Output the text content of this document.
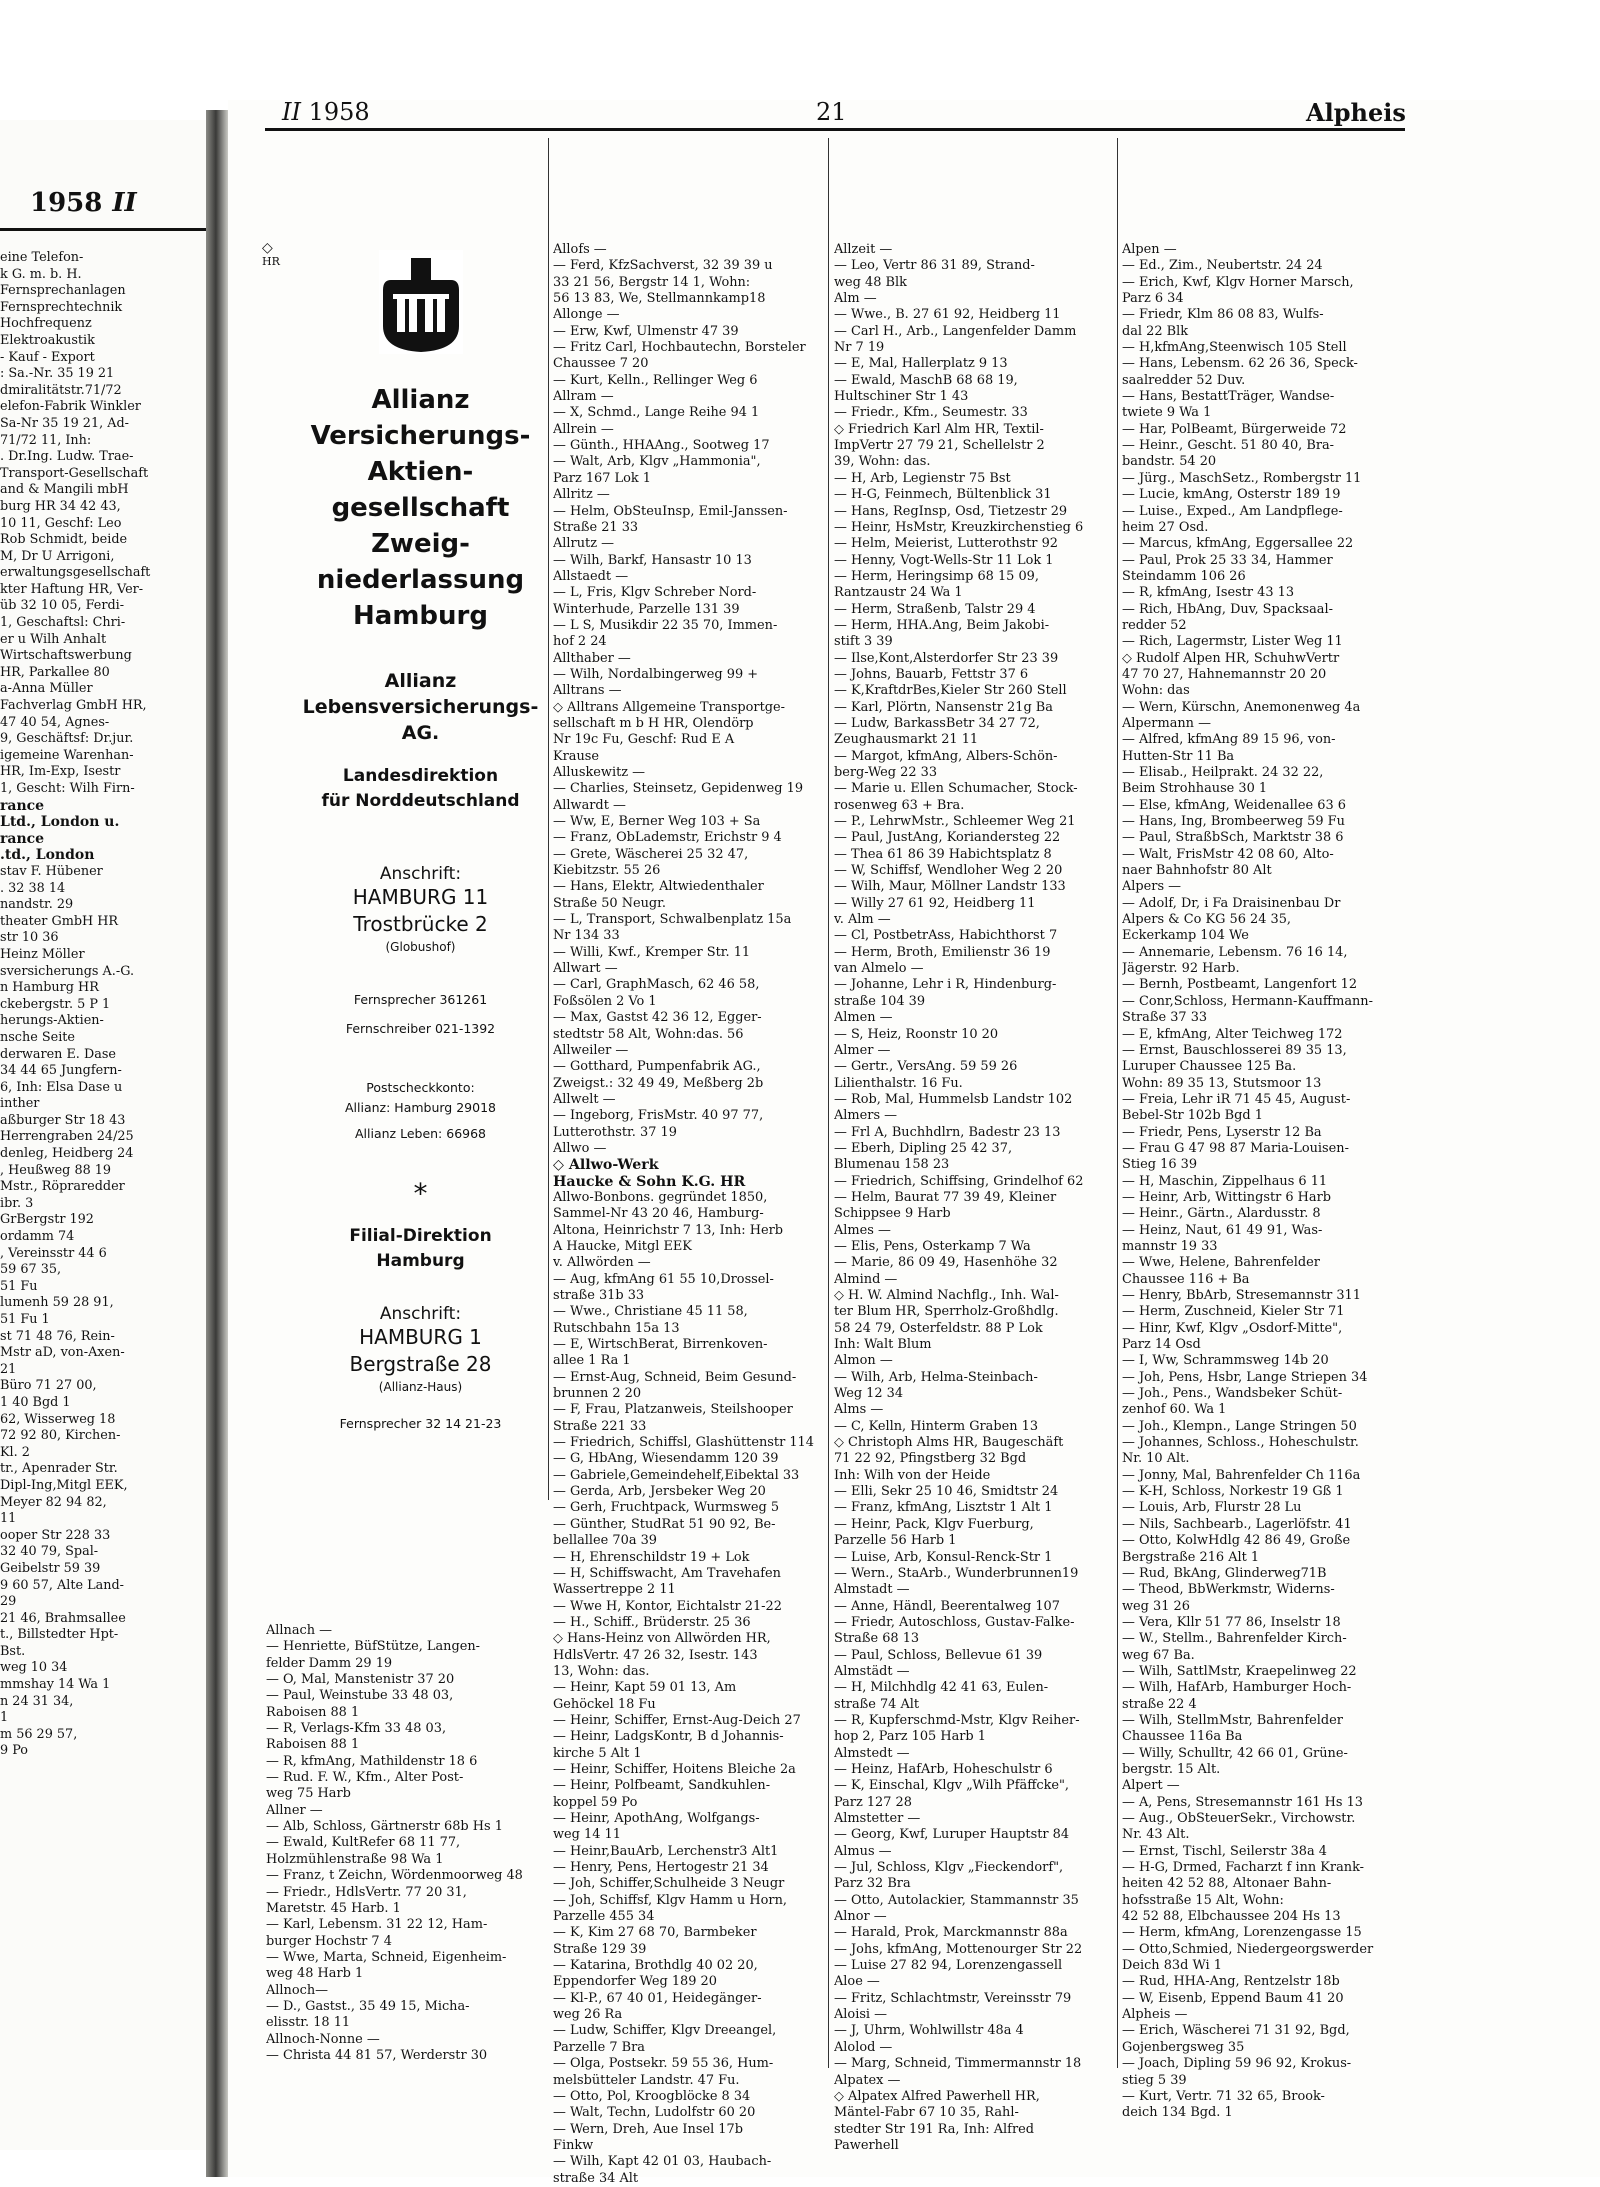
1958 II
eine Telefon-
k G. m. b. H.
Fernsprechanlagen
Fernsprechtechnik
Hochfrequenz
Elektroakustik
- Kauf - Export
: Sa.-Nr. 35 19 21
dmiralitätstr.71/72
elefon-Fabrik Winkler
Sa-Nr 35 19 21, Ad-
71/72 11, Inh:
. Dr.Ing. Ludw. Trae-
Transport-Gesellschaft
and & Mangili mbH
burg HR 34 42 43,
10 11, Geschf: Leo
Rob Schmidt, beide
M, Dr U Arrigoni,
erwaltungsgesellschaft
kter Haftung HR, Ver-
üb 32 10 05, Ferdi-
1, Geschaftsl: Chri-
er u Wilh Anhalt
Wirtschaftswerbung
HR, Parkallee 80
a-Anna Müller
Fachverlag GmbH HR,
47 40 54, Agnes-
9, Geschäftsf: Dr.jur.
igemeine Warenhan-
HR, Im-Exp, Isestr
1, Gescht: Wilh Firn-
rance
Ltd., London u.
rance
.td., London
stav F. Hübener
. 32 38 14
nandstr. 29
theater GmbH HR
str 10 36
Heinz Möller
sversicherungs A.-G.
n Hamburg HR
ckebergstr. 5 P 1
herungs-Aktien-
nsche Seite
derwaren E. Dase
34 44 65 Jungfern-
6, Inh: Elsa Dase u
inther
aßburger Str 18 43
Herrengraben 24/25
denleg, Heidberg 24
, Heußweg 88 19
Mstr., Röpraredder
ibr. 3
GrBergstr 192
ordamm 74
, Vereinsstr 44 6
59 67 35,
51 Fu
lumenh 59 28 91,
51 Fu 1
st 71 48 76, Rein-
Mstr aD, von-Axen-
21
Büro 71 27 00,
1 40 Bgd 1
62, Wisserweg 18
72 92 80, Kirchen-
Kl. 2
tr., Apenrader Str.
Dipl-Ing,Mitgl EEK,
Meyer 82 94 82,
11
ooper Str 228 33
32 40 79, Spal-
Geibelstr 59 39
9 60 57, Alte Land-
29
21 46, Brahmsallee
t., Billstedter Hpt-
Bst.
weg 10 34
mmshay 14 Wa 1
n 24 31 34,
1
m 56 29 57,
9 Po
II 1958	21	Alpheis
◇
HR
Allianz
Versicherungs-
Aktien-
gesellschaft
Zweig-
niederlassung
Hamburg
Allianz
Lebensversicherungs-
AG.
Landesdirektion
für Norddeutschland
Anschrift:
HAMBURG 11
Trostbrücke 2
(Globushof)
Fernsprecher 361261
Fernschreiber 021-1392
Postscheckkonto:
Allianz: Hamburg 29018
Allianz Leben: 66968
*
Filial-Direktion
Hamburg
Anschrift:
HAMBURG 1
Bergstraße 28
(Allianz-Haus)
Fernsprecher 32 14 21-23
Allnach —
— Henriette, BüfStütze, Langen-
felder Damm 29 19
— O, Mal, Manstenistr 37 20
— Paul, Weinstube 33 48 03,
Raboisen 88 1
— R, Verlags-Kfm 33 48 03,
Raboisen 88 1
— R, kfmAng, Mathildenstr 18 6
— Rud. F. W., Kfm., Alter Post-
weg 75 Harb
Allner —
— Alb, Schloss, Gärtnerstr 68b Hs 1
— Ewald, KultRefer 68 11 77,
Holzmühlenstraße 98 Wa 1
— Franz, t Zeichn, Wördenmoorweg 48
— Friedr., HdlsVertr. 77 20 31,
Maretstr. 45 Harb. 1
— Karl, Lebensm. 31 22 12, Ham-
burger Hochstr 7 4
— Wwe, Marta, Schneid, Eigenheim-
weg 48 Harb 1
Allnoch—
— D., Gastst., 35 49 15, Micha-
elisstr. 18 11
Allnoch-Nonne —
— Christa 44 81 57, Werderstr 30
Allofs —
— Ferd, KfzSachverst, 32 39 39 u
33 21 56, Bergstr 14 1, Wohn:
56 13 83, We, Stellmannkamp18
Allonge —
— Erw, Kwf, Ulmenstr 47 39
— Fritz Carl, Hochbautechn, Borsteler
Chaussee 7 20
— Kurt, Kelln., Rellinger Weg 6
Allram —
— X, Schmd., Lange Reihe 94 1
Allrein —
— Günth., HHAAng., Sootweg 17
— Walt, Arb, Klgv „Hammonia",
Parz 167 Lok 1
Allritz —
— Helm, ObSteuInsp, Emil-Janssen-
Straße 21 33
Allrutz —
— Wilh, Barkf, Hansastr 10 13
Allstaedt —
— L, Fris, Klgv Schreber Nord-
Winterhude, Parzelle 131 39
— L S, Musikdir 22 35 70, Immen-
hof 2 24
Allthaber —
— Wilh, Nordalbingerweg 99 +
Alltrans —
◇ Alltrans Allgemeine Transportge-
sellschaft m b H HR, Olendörp
Nr 19c Fu, Geschf: Rud E A
Krause
Alluskewitz —
— Charlies, Steinsetz, Gepidenweg 19
Allwardt —
— Ww, E, Berner Weg 103 + Sa
— Franz, ObLademstr, Erichstr 9 4
— Grete, Wäscherei 25 32 47,
Kiebitzstr. 55 26
— Hans, Elektr, Altwiedenthaler
Straße 50 Neugr.
— L, Transport, Schwalbenplatz 15a
Nr 134 33
— Willi, Kwf., Kremper Str. 11
Allwart —
— Carl, GraphMasch, 62 46 58,
Foßsölen 2 Vo 1
— Max, Gastst 42 36 12, Egger-
stedtstr 58 Alt, Wohn:das. 56
Allweiler —
— Gotthard, Pumpenfabrik AG.,
Zweigst.: 32 49 49, Meßberg 2b
Allwelt —
— Ingeborg, FrisMstr. 40 97 77,
Lutterothstr. 37 19
Allwo —
◇ Allwo-Werk
Haucke & Sohn K.G. HR
Allwo-Bonbons. gegründet 1850,
Sammel-Nr 43 20 46, Hamburg-
Altona, Heinrichstr 7 13, Inh: Herb
A Haucke, Mitgl EEK
v. Allwörden —
— Aug, kfmAng 61 55 10,Drossel-
straße 31b 33
— Wwe., Christiane 45 11 58,
Rutschbahn 15a 13
— E, WirtschBerat, Birrenkoven-
allee 1 Ra 1
— Ernst-Aug, Schneid, Beim Gesund-
brunnen 2 20
— F, Frau, Platzanweis, Steilshooper
Straße 221 33
— Friedrich, Schiffsl, Glashüttenstr 114
— G, HbAng, Wiesendamm 120 39
— Gabriele,Gemeindehelf,Eibektal 33
— Gerda, Arb, Jersbeker Weg 20
— Gerh, Fruchtpack, Wurmsweg 5
— Günther, StudRat 51 90 92, Be-
bellallee 70a 39
— H, Ehrenschildstr 19 + Lok
— H, Schiffswacht, Am Travehafen
Wassertreppe 2 11
— Wwe H, Kontor, Eichtalstr 21-22
— H., Schiff., Brüderstr. 25 36
◇ Hans-Heinz von Allwörden HR,
HdlsVertr. 47 26 32, Isestr. 143
13, Wohn: das.
— Heinr, Kapt 59 01 13, Am
Gehöckel 18 Fu
— Heinr, Schiffer, Ernst-Aug-Deich 27
— Heinr, LadgsKontr, B d Johannis-
kirche 5 Alt 1
— Heinr, Schiffer, Hoitens Bleiche 2a
— Heinr, Polfbeamt, Sandkuhlen-
koppel 59 Po
— Heinr, ApothAng, Wolfgangs-
weg 14 11
— Heinr,BauArb, Lerchenstr3 Alt1
— Henry, Pens, Hertogestr 21 34
— Joh, Schiffer,Schulheide 3 Neugr
— Joh, Schiffsf, Klgv Hamm u Horn,
Parzelle 455 34
— K, Kim 27 68 70, Barmbeker
Straße 129 39
— Katarina, Brothdlg 40 02 20,
Eppendorfer Weg 189 20
— Kl-P., 67 40 01, Heidegänger-
weg 26 Ra
— Ludw, Schiffer, Klgv Dreeangel,
Parzelle 7 Bra
— Olga, Postsekr. 59 55 36, Hum-
melsbütteler Landstr. 47 Fu.
— Otto, Pol, Kroogblöcke 8 34
— Walt, Techn, Ludolfstr 60 20
— Wern, Dreh, Aue Insel 17b
Finkw
— Wilh, Kapt 42 01 03, Haubach-
straße 34 Alt
Allzeit —
— Leo, Vertr 86 31 89, Strand-
weg 48 Blk
Alm —
— Wwe., B. 27 61 92, Heidberg 11
— Carl H., Arb., Langenfelder Damm
Nr 7 19
— E, Mal, Hallerplatz 9 13
— Ewald, MaschB 68 68 19,
Hultschiner Str 1 43
— Friedr., Kfm., Seumestr. 33
◇ Friedrich Karl Alm HR, Textil-
ImpVertr 27 79 21, Schellelstr 2
39, Wohn: das.
— H, Arb, Legienstr 75 Bst
— H-G, Feinmech, Bültenblick 31
— Hans, RegInsp, Osd, Tietzestr 29
— Heinr, HsMstr, Kreuzkirchenstieg 6
— Helm, Meierist, Lutterothstr 92
— Henny, Vogt-Wells-Str 11 Lok 1
— Herm, Heringsimp 68 15 09,
Rantzaustr 24 Wa 1
— Herm, Straßenb, Talstr 29 4
— Herm, HHA.Ang, Beim Jakobi-
stift 3 39
— Ilse,Kont,Alsterdorfer Str 23 39
— Johns, Bauarb, Fettstr 37 6
— K,KraftdrBes,Kieler Str 260 Stell
— Karl, Plörtn, Nansenstr 21g Ba
— Ludw, BarkassBetr 34 27 72,
Zeughausmarkt 21 11
— Margot, kfmAng, Albers-Schön-
berg-Weg 22 33
— Marie u. Ellen Schumacher, Stock-
rosenweg 63 + Bra.
— P., LehrwMstr., Schleemer Weg 21
— Paul, JustAng, Koriandersteg 22
— Thea 61 86 39 Habichtsplatz 8
— W, Schiffsf, Wendloher Weg 2 20
— Wilh, Maur, Möllner Landstr 133
— Willy 27 61 92, Heidberg 11
v. Alm —
— Cl, PostbetrAss, Habichthorst 7
— Herm, Broth, Emilienstr 36 19
van Almelo —
— Johanne, Lehr i R, Hindenburg-
straße 104 39
Almen —
— S, Heiz, Roonstr 10 20
Almer —
— Gertr., VersAng. 59 59 26
Lilienthalstr. 16 Fu.
— Rob, Mal, Hummelsb Landstr 102
Almers —
— Frl A, Buchhdlrn, Badestr 23 13
— Eberh, Dipling 25 42 37,
Blumenau 158 23
— Friedrich, Schiffsing, Grindelhof 62
— Helm, Baurat 77 39 49, Kleiner
Schippsee 9 Harb
Almes —
— Elis, Pens, Osterkamp 7 Wa
— Marie, 86 09 49, Hasenhöhe 32
Almind —
◇ H. W. Almind Nachflg., Inh. Wal-
ter Blum HR, Sperrholz-Großhdlg.
58 24 79, Osterfeldstr. 88 P Lok
Inh: Walt Blum
Almon —
— Wilh, Arb, Helma-Steinbach-
Weg 12 34
Alms —
— C, Kelln, Hinterm Graben 13
◇ Christoph Alms HR, Baugeschäft
71 22 92, Pfingstberg 32 Bgd
Inh: Wilh von der Heide
— Elli, Sekr 25 10 46, Smidtstr 24
— Franz, kfmAng, Lisztstr 1 Alt 1
— Heinr, Pack, Klgv Fuerburg,
Parzelle 56 Harb 1
— Luise, Arb, Konsul-Renck-Str 1
— Wern., StaArb., Wunderbrunnen19
Almstadt —
— Anne, Händl, Beerentalweg 107
— Friedr, Autoschloss, Gustav-Falke-
Straße 68 13
— Paul, Schloss, Bellevue 61 39
Almstädt —
— H, Milchhdlg 42 41 63, Eulen-
straße 74 Alt
— R, Kupferschmd-Mstr, Klgv Reiher-
hop 2, Parz 105 Harb 1
Almstedt —
— Heinz, HafArb, Hoheschulstr 6
— K, Einschal, Klgv „Wilh Pfäffcke",
Parz 127 28
Almstetter —
— Georg, Kwf, Luruper Hauptstr 84
Almus —
— Jul, Schloss, Klgv „Fieckendorf",
Parz 32 Bra
— Otto, Autolackier, Stammannstr 35
Alnor —
— Harald, Prok, Marckmannstr 88a
— Johs, kfmAng, Mottenourger Str 22
— Luise 27 82 94, Lorenzengassell
Aloe —
— Fritz, Schlachtmstr, Vereinsstr 79
Aloisi —
— J, Uhrm, Wohlwillstr 48a 4
Alolod —
— Marg, Schneid, Timmermannstr 18
Alpatex —
◇ Alpatex Alfred Pawerhell HR,
Mäntel-Fabr 67 10 35, Rahl-
stedter Str 191 Ra, Inh: Alfred
Pawerhell
Alpen —
— Ed., Zim., Neubertstr. 24 24
— Erich, Kwf, Klgv Horner Marsch,
Parz 6 34
— Friedr, Klm 86 08 83, Wulfs-
dal 22 Blk
— H,kfmAng,Steenwisch 105 Stell
— Hans, Lebensm. 62 26 36, Speck-
saalredder 52 Duv.
— Hans, BestattTräger, Wandse-
twiete 9 Wa 1
— Har, PolBeamt, Bürgerweide 72
— Heinr., Gescht. 51 80 40, Bra-
bandstr. 54 20
— Jürg., MaschSetz., Rombergstr 11
— Lucie, kmAng, Osterstr 189 19
— Luise., Exped., Am Landpflege-
heim 27 Osd.
— Marcus, kfmAng, Eggersallee 22
— Paul, Prok 25 33 34, Hammer
Steindamm 106 26
— R, kfmAng, Isestr 43 13
— Rich, HbAng, Duv, Spacksaal-
redder 52
— Rich, Lagermstr, Lister Weg 11
◇ Rudolf Alpen HR, SchuhwVertr
47 70 27, Hahnemannstr 20 20
Wohn: das
— Wern, Kürschn, Anemonenweg 4a
Alpermann —
— Alfred, kfmAng 89 15 96, von-
Hutten-Str 11 Ba
— Elisab., Heilprakt. 24 32 22,
Beim Strohhause 30 1
— Else, kfmAng, Weidenallee 63 6
— Hans, Ing, Brombeerweg 59 Fu
— Paul, StraßbSch, Marktstr 38 6
— Walt, FrisMstr 42 08 60, Alto-
naer Bahnhofstr 80 Alt
Alpers —
— Adolf, Dr, i Fa Draisinenbau Dr
Alpers & Co KG 56 24 35,
Eckerkamp 104 We
— Annemarie, Lebensm. 76 16 14,
Jägerstr. 92 Harb.
— Bernh, Postbeamt, Langenfort 12
— Conr,Schloss, Hermann-Kauffmann-
Straße 37 33
— E, kfmAng, Alter Teichweg 172
— Ernst, Bauschlosserei 89 35 13,
Luruper Chaussee 125 Ba.
Wohn: 89 35 13, Stutsmoor 13
— Freia, Lehr iR 71 45 45, August-
Bebel-Str 102b Bgd 1
— Friedr, Pens, Lyserstr 12 Ba
— Frau G 47 98 87 Maria-Louisen-
Stieg 16 39
— H, Maschin, Zippelhaus 6 11
— Heinr, Arb, Wittingstr 6 Harb
— Heinr., Gärtn., Alardusstr. 8
— Heinz, Naut, 61 49 91, Was-
mannstr 19 33
— Wwe, Helene, Bahrenfelder
Chaussee 116 + Ba
— Henry, BbArb, Stresemannstr 311
— Herm, Zuschneid, Kieler Str 71
— Hinr, Kwf, Klgv „Osdorf-Mitte",
Parz 14 Osd
— I, Ww, Schrammsweg 14b 20
— Joh, Pens, Hsbr, Lange Striepen 34
— Joh., Pens., Wandsbeker Schüt-
zenhof 60. Wa 1
— Joh., Klempn., Lange Stringen 50
— Johannes, Schloss., Hoheschulstr.
Nr. 10 Alt.
— Jonny, Mal, Bahrenfelder Ch 116a
— K-H, Schloss, Norkestr 19 Gß 1
— Louis, Arb, Flurstr 28 Lu
— Nils, Sachbearb., Lagerlöfstr. 41
— Otto, KolwHdlg 42 86 49, Große
Bergstraße 216 Alt 1
— Rud, BkAng, Glinderweg71B
— Theod, BbWerkmstr, Widerns-
weg 31 26
— Vera, Kllr 51 77 86, Inselstr 18
— W., Stellm., Bahrenfelder Kirch-
weg 67 Ba.
— Wilh, SattlMstr, Kraepelinweg 22
— Wilh, HafArb, Hamburger Hoch-
straße 22 4
— Wilh, StellmMstr, Bahrenfelder
Chaussee 116a Ba
— Willy, Schulltr, 42 66 01, Grüne-
bergstr. 15 Alt.
Alpert —
— A, Pens, Stresemannstr 161 Hs 13
— Aug., ObSteuerSekr., Virchowstr.
Nr. 43 Alt.
— Ernst, Tischl, Seilerstr 38a 4
— H-G, Drmed, Facharzt f inn Krank-
heiten 42 52 88, Altonaer Bahn-
hofsstraße 15 Alt, Wohn:
42 52 88, Elbchaussee 204 Hs 13
— Herm, kfmAng, Lorenzengasse 15
— Otto,Schmied, Niedergeorgswerder
Deich 83d Wi 1
— Rud, HHA-Ang, Rentzelstr 18b
— W, Eisenb, Eppend Baum 41 20
Alpheis —
— Erich, Wäscherei 71 31 92, Bgd,
Gojenbergsweg 35
— Joach, Dipling 59 96 92, Krokus-
stieg 5 39
— Kurt, Vertr. 71 32 65, Brook-
deich 134 Bgd. 1
